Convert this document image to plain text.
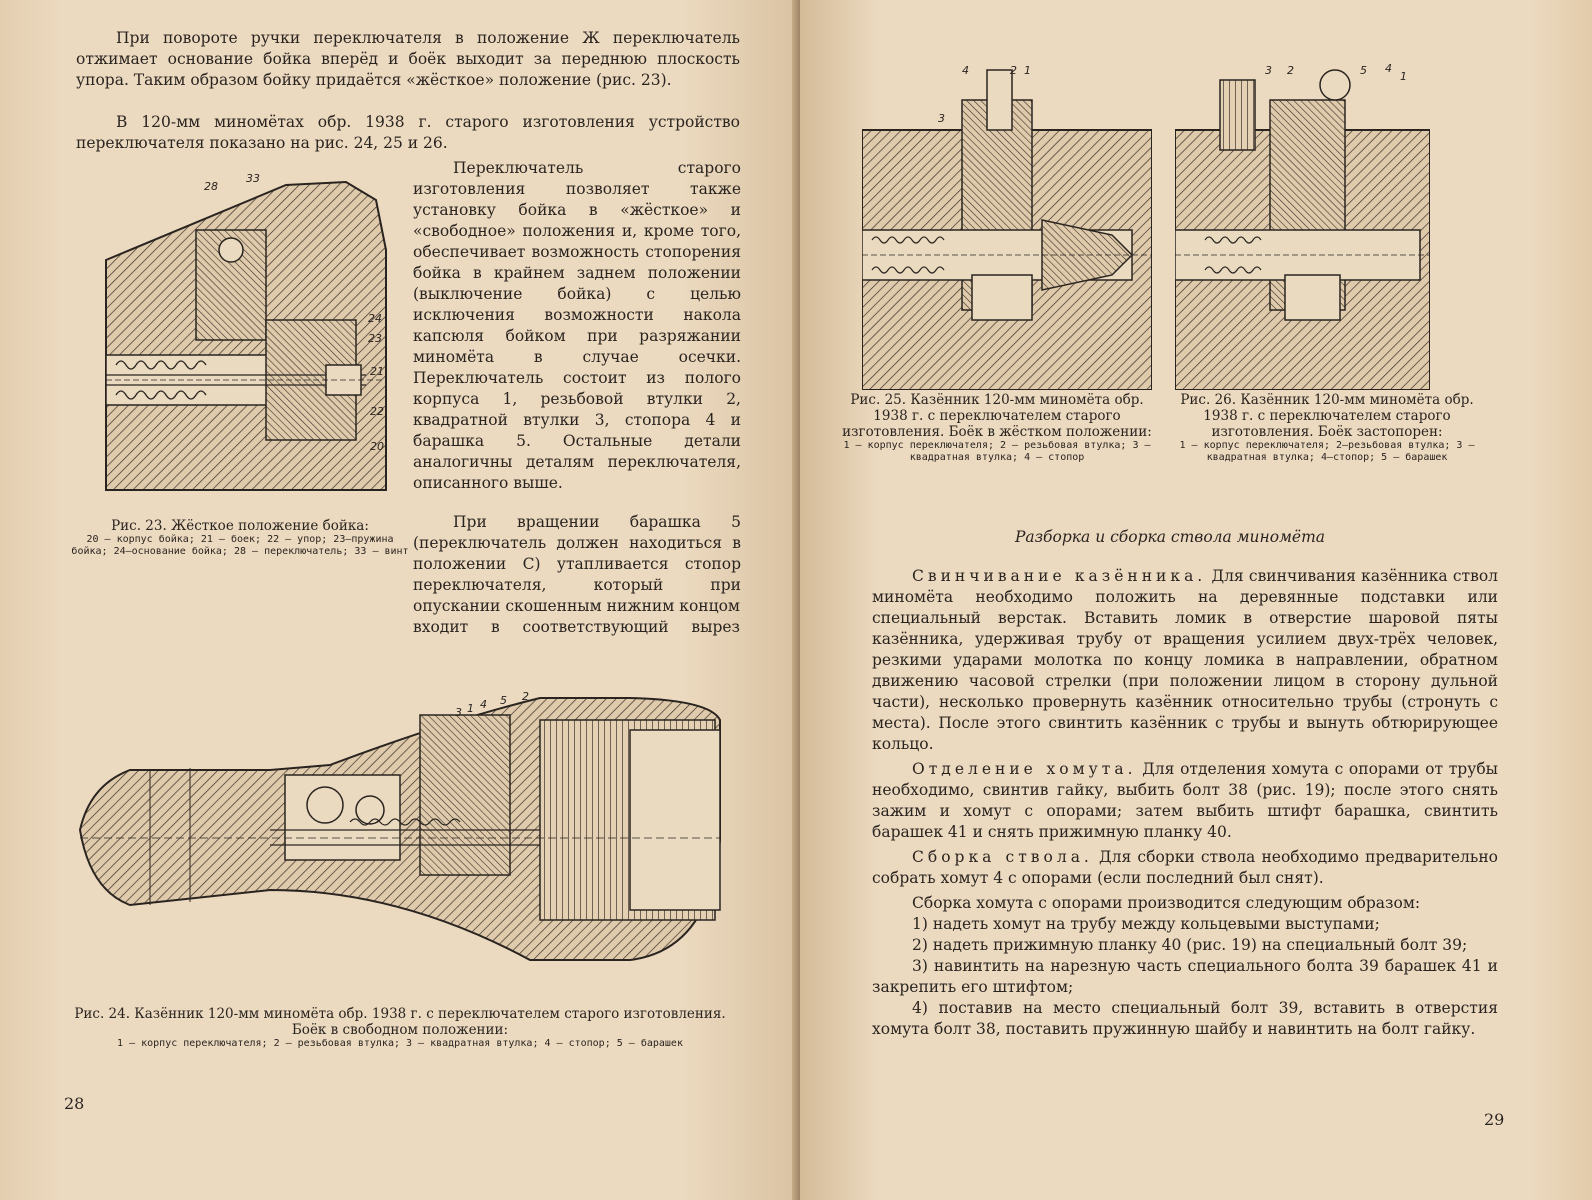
При повороте ручки переключателя в положение Ж переключатель отжимает основание бойка вперёд и боёк выходит за переднюю плоскость упора. Таким образом бойку придаётся «жёсткое» положение (рис. 23).

В 120-мм миномётах обр. 1938 г. старого изготовления устройство переключателя показано на рис. 24, 25 и 26.

28
33
24
23
21
22
20
Рис. 23. Жёсткое положение бойка:
20 — корпус бойка; 21 — боек; 22 — упор; 23—пружина бойка; 24—основание бойка; 28 — переключатель; 33 — винт

Переключатель старого изготовления позволяет также установку бойка в «жёсткое» и «свободное» положения и, кроме того, обеспечивает возможность стопорения бойка в крайнем заднем положении (выключение бойка) с целью исключения возможности накола капсюля бойком при разряжании миномёта в случае осечки. Переключатель состоит из полого корпуса 1, резьбовой втулки 2, квадратной втулки 3, стопора 4 и барашка 5. Остальные детали аналогичны деталям переключателя, описанного выше.

При вращении барашка 5 (переключатель должен находиться в положении С) утапливается стопор переключателя, который при

опускании скошенным нижним концом входит в соответствующий вырез

3 1 4 5 2
Рис. 24. Казённик 120-мм миномёта обр. 1938 г. с переключателем старого изготовления. Боёк в свободном положении:
1 — корпус переключателя; 2 — резьбовая втулка; 3 — квадратная втулка; 4 — стопор; 5 — барашек
28
4
3
2 1	3 2	5 4
1
Рис. 25. Казённик 120-мм миномёта обр. 1938 г. с переключателем старого изготовления. Боёк в жёстком положении:
1 — корпус переключателя; 2 — резьбовая втулка; 3 — квадратная втулка; 4 — стопор
Рис. 26. Казённик 120-мм миномёта обр. 1938 г. с переключателем старого изготовления. Боёк застопорен:
1 — корпус переключателя; 2—резьбовая втулка; 3 — квадратная втулка; 4—стопор; 5 — барашек
Разборка и сборка ствола миномёта

Свинчивание казённика. Для свинчивания казённика ствол миномёта необходимо положить на деревянные подставки или специальный верстак. Вставить ломик в отверстие шаровой пяты казённика, удерживая трубу от вращения усилием двух-трёх человек, резкими ударами молотка по концу ломика в направлении, обратном движению часовой стрелки (при положении лицом в сторону дульной части), несколько провернуть казённик относительно трубы (стронуть с места). После этого свинтить казённик с трубы и вынуть обтюрирующее кольцо.

Отделение хомута. Для отделения хомута с опорами от трубы необходимо, свинтив гайку, выбить болт 38 (рис. 19); после этого снять зажим и хомут с опорами; затем выбить штифт барашка, свинтить барашек 41 и снять прижимную планку 40.

Сборка ствола. Для сборки ствола необходимо предварительно собрать хомут 4 с опорами (если последний был снят).

Сборка хомута с опорами производится следующим образом:

1) надеть хомут на трубу между кольцевыми выступами;

2) надеть прижимную планку 40 (рис. 19) на специальный болт 39;

3) навинтить на нарезную часть специального болта 39 барашек 41 и закрепить его штифтом;

4) поставив на место специальный болт 39, вставить в отверстия хомута болт 38, поставить пружинную шайбу и навинтить на болт гайку.

29
